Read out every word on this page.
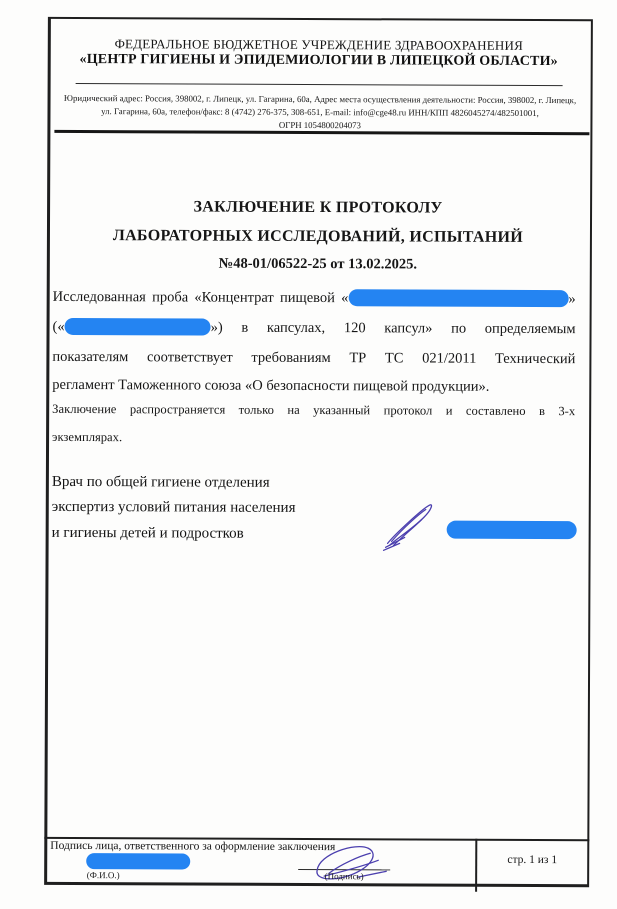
ФЕДЕРАЛЬНОЕ БЮДЖЕТНОЕ УЧРЕЖДЕНИЕ ЗДРАВООХРАНЕНИЯ
«ЦЕНТР ГИГИЕНЫ И ЭПИДЕМИОЛОГИИ В ЛИПЕЦКОЙ ОБЛАСТИ»
Юридический адрес: Россия, 398002, г. Липецк, ул. Гагарина, 60а, Адрес места осуществления деятельности: Россия, 398002, г. Липецк,
ул. Гагарина, 60а, телефон/факс: 8 (4742) 276-375, 308-651, E-mail: info@cge48.ru ИНН/КПП 4826045274/482501001,
ОГРН 1054800204073
ЗАКЛЮЧЕНИЕ К ПРОТОКОЛУ
ЛАБОРАТОРНЫХ ИССЛЕДОВАНИЙ, ИСПЫТАНИЙ
№48-01/06522-25 от 13.02.2025.
Исследованная проба «Концентрат пищевой «	»
(«	») в капсулах, 120 капсул» по определяемым
показателям соответствует требованиям ТР ТС 021/2011 Технический
регламент Таможенного союза «О безопасности пищевой продукции».
Заключение распространяется только на указанный протокол и составлено в 3-х
экземплярах.
Врач по общей гигиене отделения
экспертиз условий питания населения
и гигиены детей и подростков
Подпись лица, ответственного за оформление заключения
(Ф.И.О.)	(Подпись)
стр. 1 из 1
